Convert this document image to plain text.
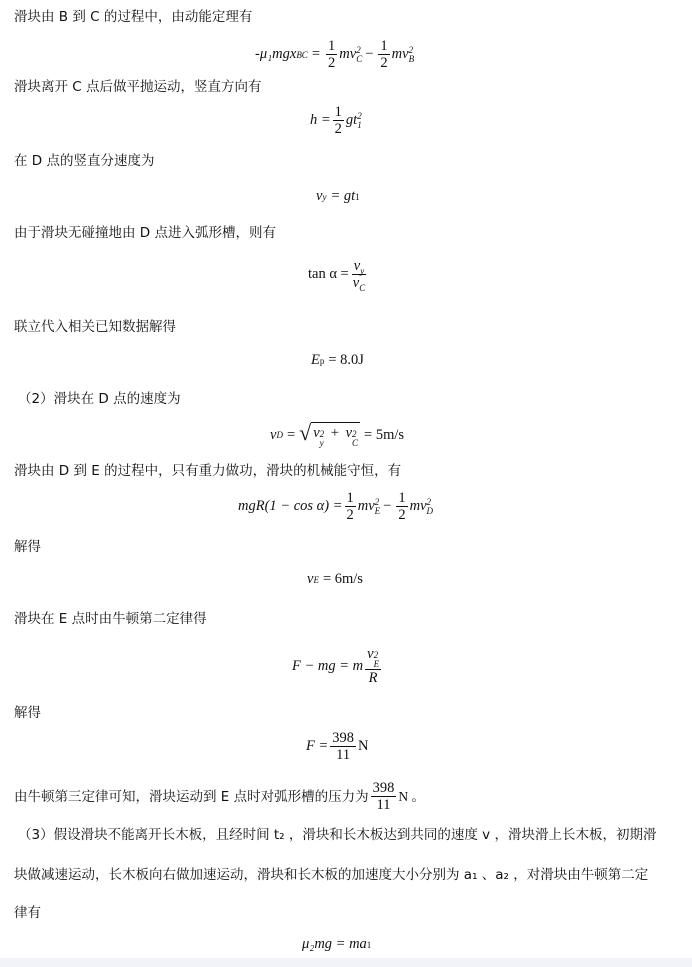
滑块由 B 到 C 的过程中，由动能定理有
-μ₁mgx BC = $\frac{1}{2}$ mv 2
$C - \frac{1}{2}$ mv 2
B
滑块离开 C 点后做平抛运动，竖直方向有
$h = \frac{1}{2}$ gt 2
1
在 D 点的竖直分速度为
v y = gt 1
由于滑块无碰撞地由 D 点进入弧形槽，则有
$\tan \alpha = \frac{v_y}{v_C}$
联立代入相关已知数据解得
E p = 8.0J
（2）滑块在 D 点的速度为
v D = √ v 2
y
+ v 2
C
= 5m/s
滑块由 D 到 E 的过程中，只有重力做功，滑块的机械能守恒，有
$mgR(1 - \cos \alpha) = \frac{1}{2}$ mv 2
$E - \frac{1}{2}$ mv 2
D
解得
v E = 6m/s
滑块在 E 点时由牛顿第二定律得
F − mg = m
v 2
E
R
解得
$F = \frac{398}{11}$ N
由牛顿第三定律可知，滑块运动到 E 点时对弧形槽的压力为
398
11
N 。
（3）假设滑块不能离开长木板，且经时间 t₂ ，滑块和长木板达到共同的速度 v ，滑块滑上长木板，初期滑
块做减速运动，长木板向右做加速运动，滑块和长木板的加速度大小分别为 a₁ 、a₂ ，对滑块由牛顿第二定
律有
μ₂mg = ma 1
